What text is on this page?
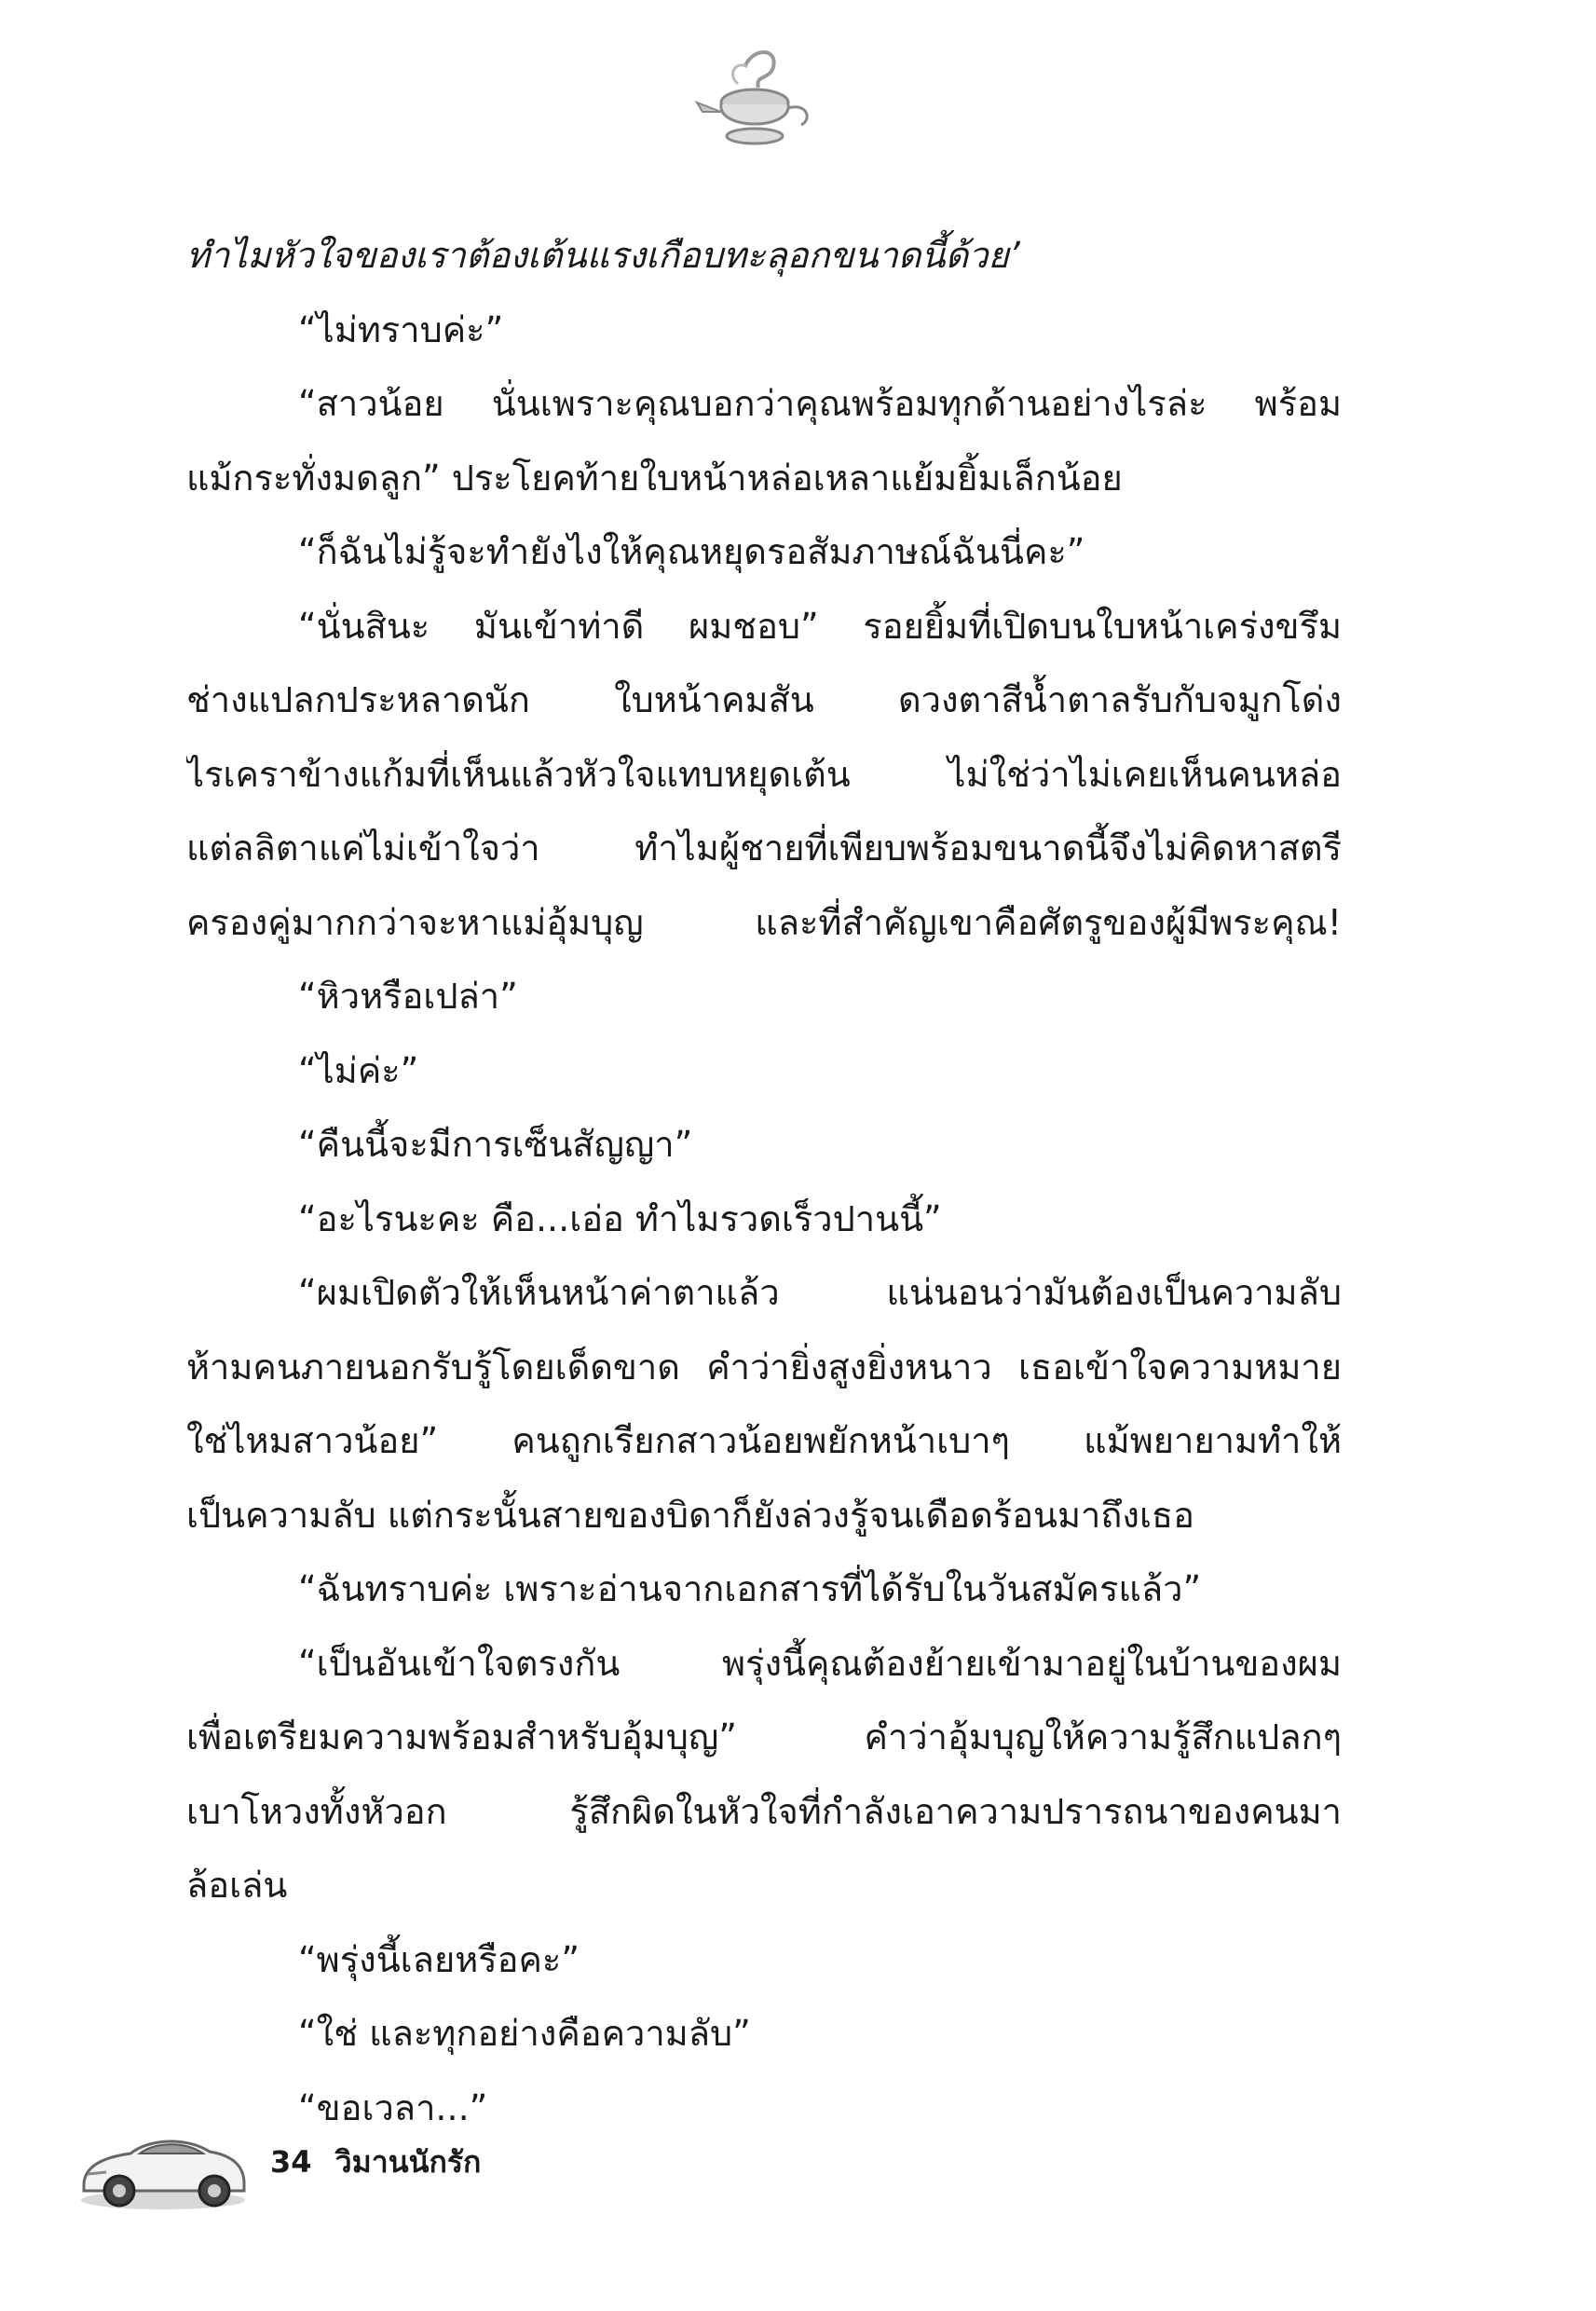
ทำไมหัวใจของเราต้องเต้นแรงเกือบทะลุอกขนาดนี้ด้วย’
“ไม่ทราบค่ะ”
“สาวน้อย นั่นเพราะคุณบอกว่าคุณพร้อมทุกด้านอย่างไรล่ะ พร้อม
แม้กระทั่งมดลูก” ประโยคท้ายใบหน้าหล่อเหลาแย้มยิ้มเล็กน้อย
“ก็ฉันไม่รู้จะทำยังไงให้คุณหยุดรอสัมภาษณ์ฉันนี่คะ”
“นั่นสินะ มันเข้าท่าดี ผมชอบ” รอยยิ้มที่เปิดบนใบหน้าเคร่งขรึม
ช่างแปลกประหลาดนัก ใบหน้าคมสัน ดวงตาสีน้ำตาลรับกับจมูกโด่ง
ไรเคราข้างแก้มที่เห็นแล้วหัวใจแทบหยุดเต้น ไม่ใช่ว่าไม่เคยเห็นคนหล่อ
แต่ลลิตาแค่ไม่เข้าใจว่า ทำไมผู้ชายที่เพียบพร้อมขนาดนี้จึงไม่คิดหาสตรี
ครองคู่มากกว่าจะหาแม่อุ้มบุญ และที่สำคัญเขาคือศัตรูของผู้มีพระคุณ!
“หิวหรือเปล่า”
“ไม่ค่ะ”
“คืนนี้จะมีการเซ็นสัญญา”
“อะไรนะคะ คือ...เอ่อ ทำไมรวดเร็วปานนี้”
“ผมเปิดตัวให้เห็นหน้าค่าตาแล้ว แน่นอนว่ามันต้องเป็นความลับ
ห้ามคนภายนอกรับรู้โดยเด็ดขาด คำว่ายิ่งสูงยิ่งหนาว เธอเข้าใจความหมาย
ใช่ไหมสาวน้อย” คนถูกเรียกสาวน้อยพยักหน้าเบาๆ แม้พยายามทำให้
เป็นความลับ แต่กระนั้นสายของบิดาก็ยังล่วงรู้จนเดือดร้อนมาถึงเธอ
“ฉันทราบค่ะ เพราะอ่านจากเอกสารที่ได้รับในวันสมัครแล้ว”
“เป็นอันเข้าใจตรงกัน พรุ่งนี้คุณต้องย้ายเข้ามาอยู่ในบ้านของผม
เพื่อเตรียมความพร้อมสำหรับอุ้มบุญ” คำว่าอุ้มบุญให้ความรู้สึกแปลกๆ
เบาโหวงทั้งหัวอก รู้สึกผิดในหัวใจที่กำลังเอาความปรารถนาของคนมา
ล้อเล่น
“พรุ่งนี้เลยหรือคะ”
“ใช่ และทุกอย่างคือความลับ”
“ขอเวลา...”
34 วิมานนักรัก
